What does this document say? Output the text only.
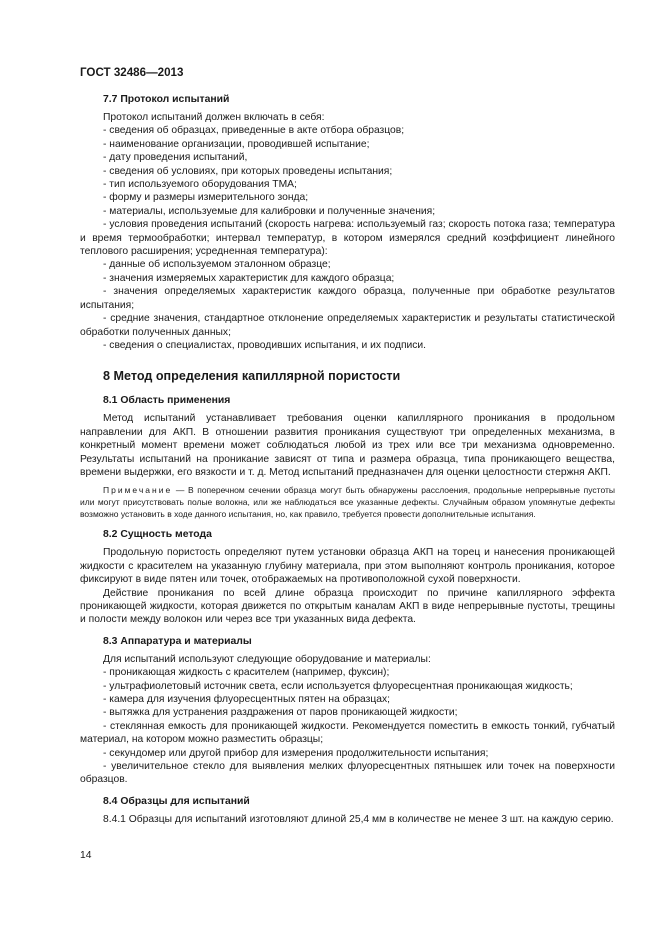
ГОСТ 32486—2013
7.7 Протокол испытаний

Протокол испытаний должен включать в себя:

- сведения об образцах, приведенные в акте отбора образцов;
- наименование организации, проводившей испытание;
- дату проведения испытаний,
- сведения об условиях, при которых проведены испытания;
- тип используемого оборудования ТМА;
- форму и размеры измерительного зонда;
- материалы, используемые для калибровки и полученные значения;
- условия проведения испытаний (скорость нагрева: используемый газ; скорость потока газа; температура и время термообработки; интервал температур, в котором измерялся средний коэффициент линейного теплового расширения; усредненная температура):
- данные об используемом эталонном образце;
- значения измеряемых характеристик для каждого образца;
- значения определяемых характеристик каждого образца, полученные при обработке результатов испытания;
- средние значения, стандартное отклонение определяемых характеристик и результаты статистической обработки полученных данных;
- сведения о специалистах, проводивших испытания, и их подписи.
8 Метод определения капиллярной пористости
8.1 Область применения

Метод испытаний устанавливает требования оценки капиллярного проникания в продольном направлении для АКП. В отношении развития проникания существуют три определенных механизма, в конкретный момент времени может соблюдаться любой из трех или все три механизма одновременно. Результаты испытаний на проникание зависят от типа и размера образца, типа проникающего вещества, времени выдержки, его вязкости и т. д. Метод испытаний предназначен для оценки целостности стержня АКП.

Примечание — В поперечном сечении образца могут быть обнаружены расслоения, продольные непрерывные пустоты или могут присутствовать полые волокна, или же наблюдаться все указанные дефекты. Случайным образом упомянутые дефекты возможно установить в ходе данного испытания, но, как правило, требуется провести дополнительные испытания.

8.2 Сущность метода

Продольную пористость определяют путем установки образца АКП на торец и нанесения проникающей жидкости с красителем на указанную глубину материала, при этом выполняют контроль проникания, которое фиксируют в виде пятен или точек, отображаемых на противоположной сухой поверхности.

Действие проникания по всей длине образца происходит по причине капиллярного эффекта проникающей жидкости, которая движется по открытым каналам АКП в виде непрерывные пустоты, трещины и полости между волокон или через все три указанных вида дефекта.

8.3 Аппаратура и материалы

Для испытаний используют следующие оборудование и материалы:

- проникающая жидкость с красителем (например, фуксин);
- ультрафиолетовый источник света, если используется флуоресцентная проникающая жидкость;
- камера для изучения флуоресцентных пятен на образцах;
- вытяжка для устранения раздражения от паров проникающей жидкости;
- стеклянная емкость для проникающей жидкости. Рекомендуется поместить в емкость тонкий, губчатый материал, на котором можно разместить образцы;
- секундомер или другой прибор для измерения продолжительности испытания;
- увеличительное стекло для выявления мелких флуоресцентных пятнышек или точек на поверхности образцов.
8.4 Образцы для испытаний

8.4.1 Образцы для испытаний изготовляют длиной 25,4 мм в количестве не менее 3 шт. на каждую серию.

14
